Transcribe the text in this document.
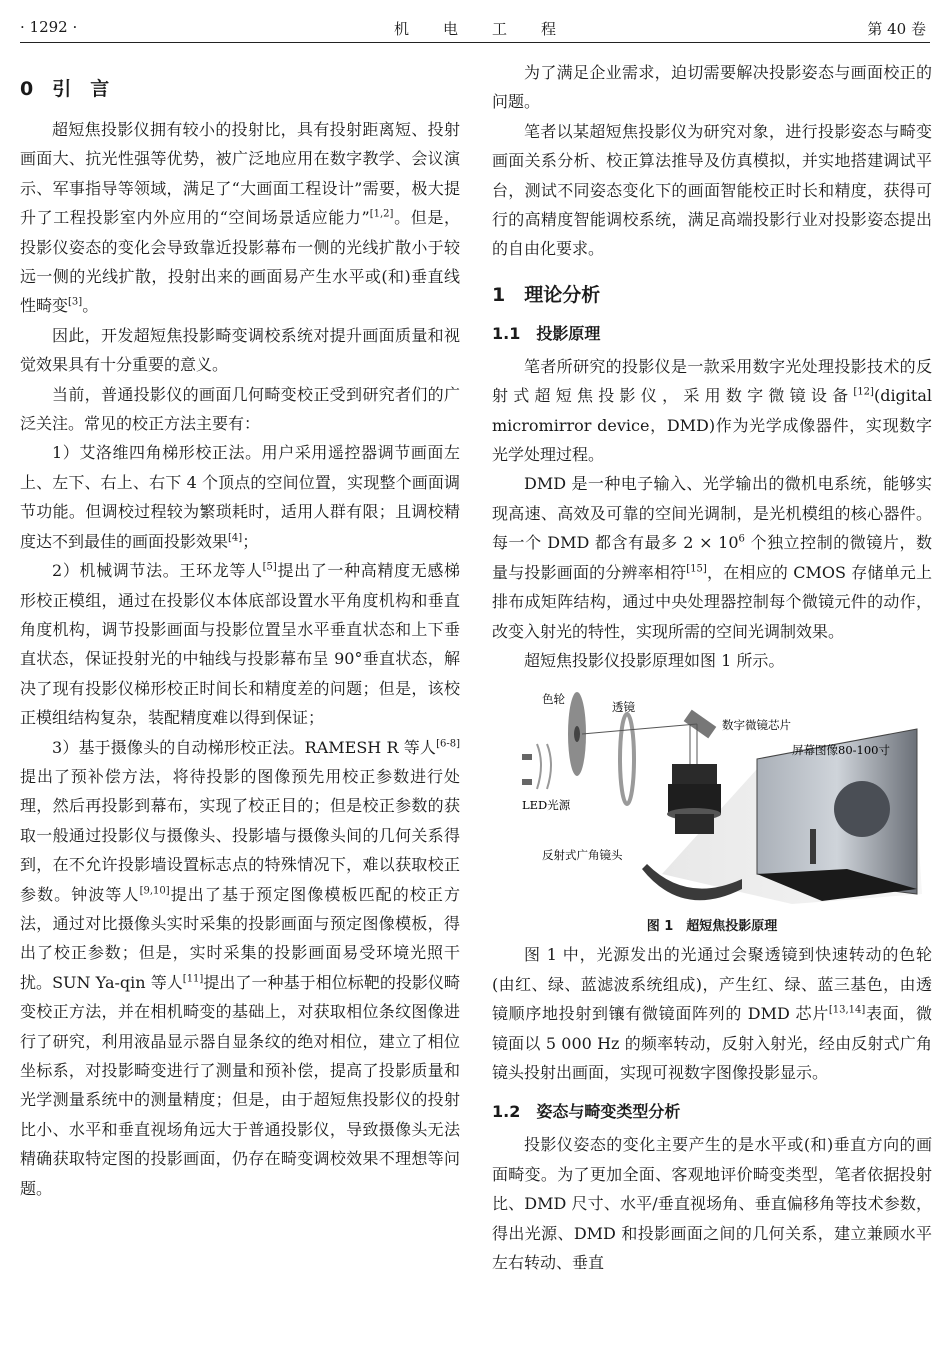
· 1292 ·	机电工程	第 40 卷
0　引　言

超短焦投影仪拥有较小的投射比，具有投射距离短、投射画面大、抗光性强等优势，被广泛地应用在数字教学、会议演示、军事指导等领域，满足了“大画面工程设计”需要，极大提升了工程投影室内外应用的“空间场景适应能力”[1,2]。但是，投影仪姿态的变化会导致靠近投影幕布一侧的光线扩散小于较远一侧的光线扩散，投射出来的画面易产生水平或(和)垂直线性畸变[3]。

因此，开发超短焦投影畸变调校系统对提升画面质量和视觉效果具有十分重要的意义。

当前，普通投影仪的画面几何畸变校正受到研究者们的广泛关注。常见的校正方法主要有：

1）艾洛维四角梯形校正法。用户采用遥控器调节画面左上、左下、右上、右下 4 个顶点的空间位置，实现整个画面调节功能。但调校过程较为繁琐耗时，适用人群有限；且调校精度达不到最佳的画面投影效果[4]；

2）机械调节法。王环龙等人[5]提出了一种高精度无感梯形校正模组，通过在投影仪本体底部设置水平角度机构和垂直角度机构，调节投影画面与投影位置呈水平垂直状态和上下垂直状态，保证投射光的中轴线与投影幕布呈 90°垂直状态，解决了现有投影仪梯形校正时间长和精度差的问题；但是，该校正模组结构复杂，装配精度难以得到保证；

3）基于摄像头的自动梯形校正法。RAMESH R 等人[6-8]提出了预补偿方法，将待投影的图像预先用校正参数进行处理，然后再投影到幕布，实现了校正目的；但是校正参数的获取一般通过投影仪与摄像头、投影墙与摄像头间的几何关系得到，在不允许投影墙设置标志点的特殊情况下，难以获取校正参数。钟波等人[9,10]提出了基于预定图像模板匹配的校正方法，通过对比摄像头实时采集的投影画面与预定图像模板，得出了校正参数；但是，实时采集的投影画面易受环境光照干扰。SUN Ya-qin 等人[11]提出了一种基于相位标靶的投影仪畸变校正方法，并在相机畸变的基础上，对获取相位条纹图像进行了研究，利用液晶显示器自显条纹的绝对相位，建立了相位坐标系，对投影畸变进行了测量和预补偿，提高了投影质量和光学测量系统中的测量精度；但是，由于超短焦投影仪的投射比小、水平和垂直视场角远大于普通投影仪，导致摄像头无法精确获取特定图的投影画面，仍存在畸变调校效果不理想等问题。

为了满足企业需求，迫切需要解决投影姿态与画面校正的问题。

笔者以某超短焦投影仪为研究对象，进行投影姿态与畸变画面关系分析、校正算法推导及仿真模拟，并实地搭建调试平台，测试不同姿态变化下的画面智能校正时长和精度，获得可行的高精度智能调校系统，满足高端投影行业对投影姿态提出的自由化要求。

1　理论分析
1.1　投影原理

笔者所研究的投影仪是一款采用数字光处理投影技术的反射式超短焦投影仪，采用数字微镜设备[12](digital micromirror device，DMD)作为光学成像器件，实现数字光学处理过程。

DMD 是一种电子输入、光学输出的微机电系统，能够实现高速、高效及可靠的空间光调制，是光机模组的核心器件。每一个 DMD 都含有最多 $2 \times 10^6$ 个独立控制的微镜片，数量与投影画面的分辨率相符[15]，在相应的 CMOS 存储单元上排布成矩阵结构，通过中央处理器控制每个微镜元件的动作，改变入射光的特性，实现所需的空间光调制效果。

超短焦投影仪投影原理如图 1 所示。

色轮
透镜
数字微镜芯片
屏幕图像80-100寸
LED光源
反射式广角镜头
图 1　超短焦投影原理

图 1 中，光源发出的光通过会聚透镜到快速转动的色轮(由红、绿、蓝滤波系统组成)，产生红、绿、蓝三基色，由透镜顺序地投射到镶有微镜面阵列的 DMD 芯片[13,14]表面，微镜面以 5 000 Hz 的频率转动，反射入射光，经由反射式广角镜头投射出画面，实现可视数字图像投影显示。

1.2　姿态与畸变类型分析

投影仪姿态的变化主要产生的是水平或(和)垂直方向的画面畸变。为了更加全面、客观地评价畸变类型，笔者依据投射比、DMD 尺寸、水平/垂直视场角、垂直偏移角等技术参数，得出光源、DMD 和投影画面之间的几何关系，建立兼顾水平左右转动、垂直
